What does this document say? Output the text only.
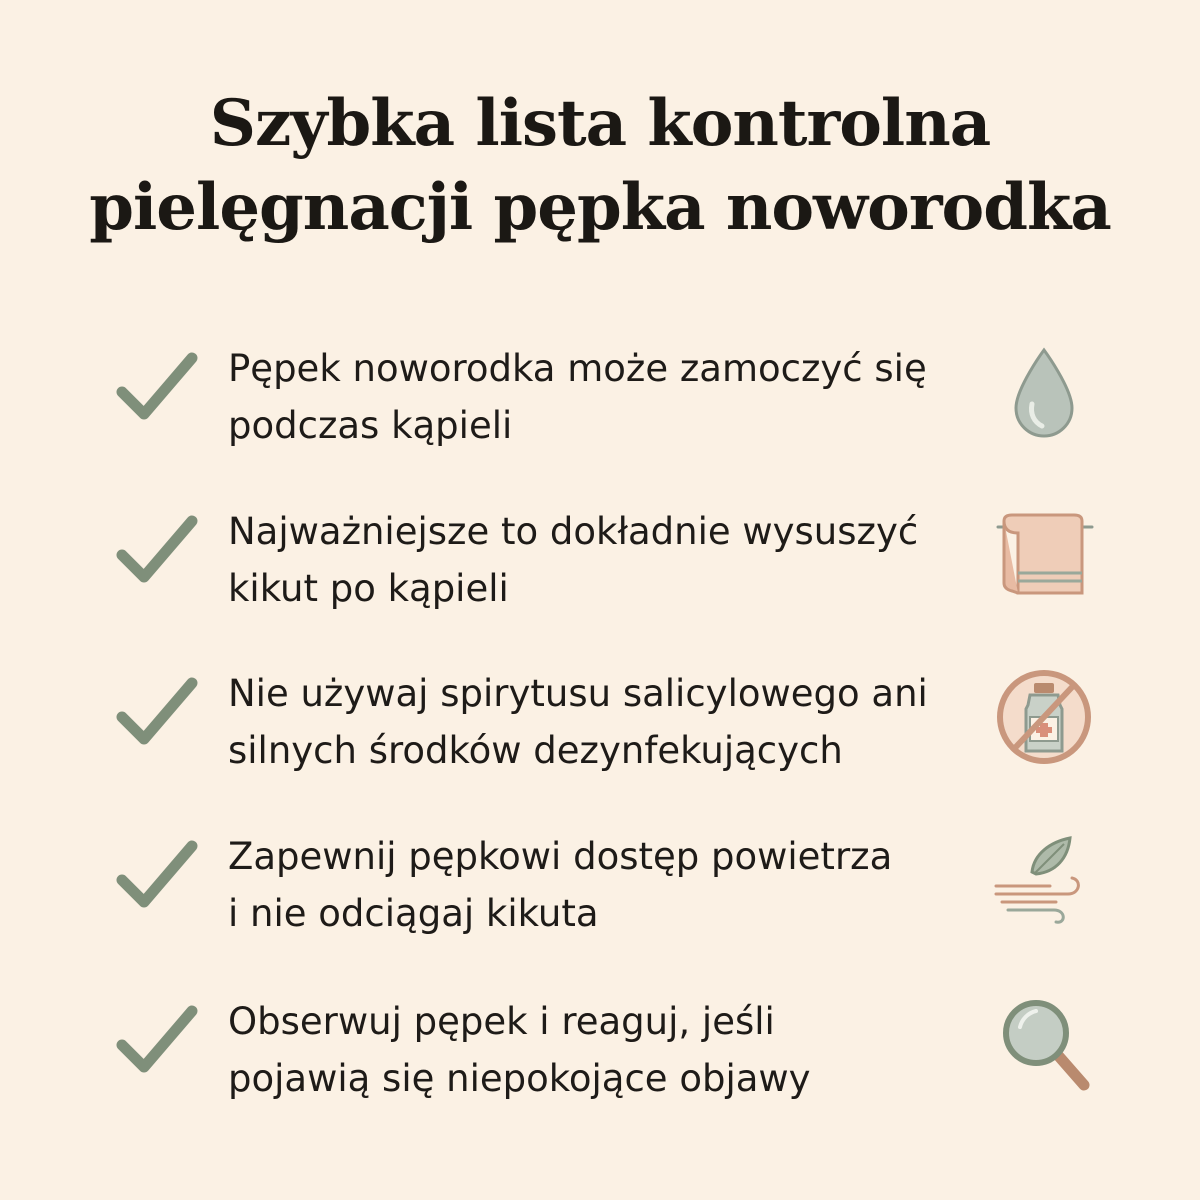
Szybka lista kontrolna
pielęgnacji pępka noworodka
Pępek noworodka może zamoczyć się
podczas kąpieli
Najważniejsze to dokładnie wysuszyć
kikut po kąpieli
Nie używaj spirytusu salicylowego ani
silnych środków dezynfekujących
Zapewnij pępkowi dostęp powietrza
i nie odciągaj kikuta
Obserwuj pępek i reaguj, jeśli
pojawią się niepokojące objawy
